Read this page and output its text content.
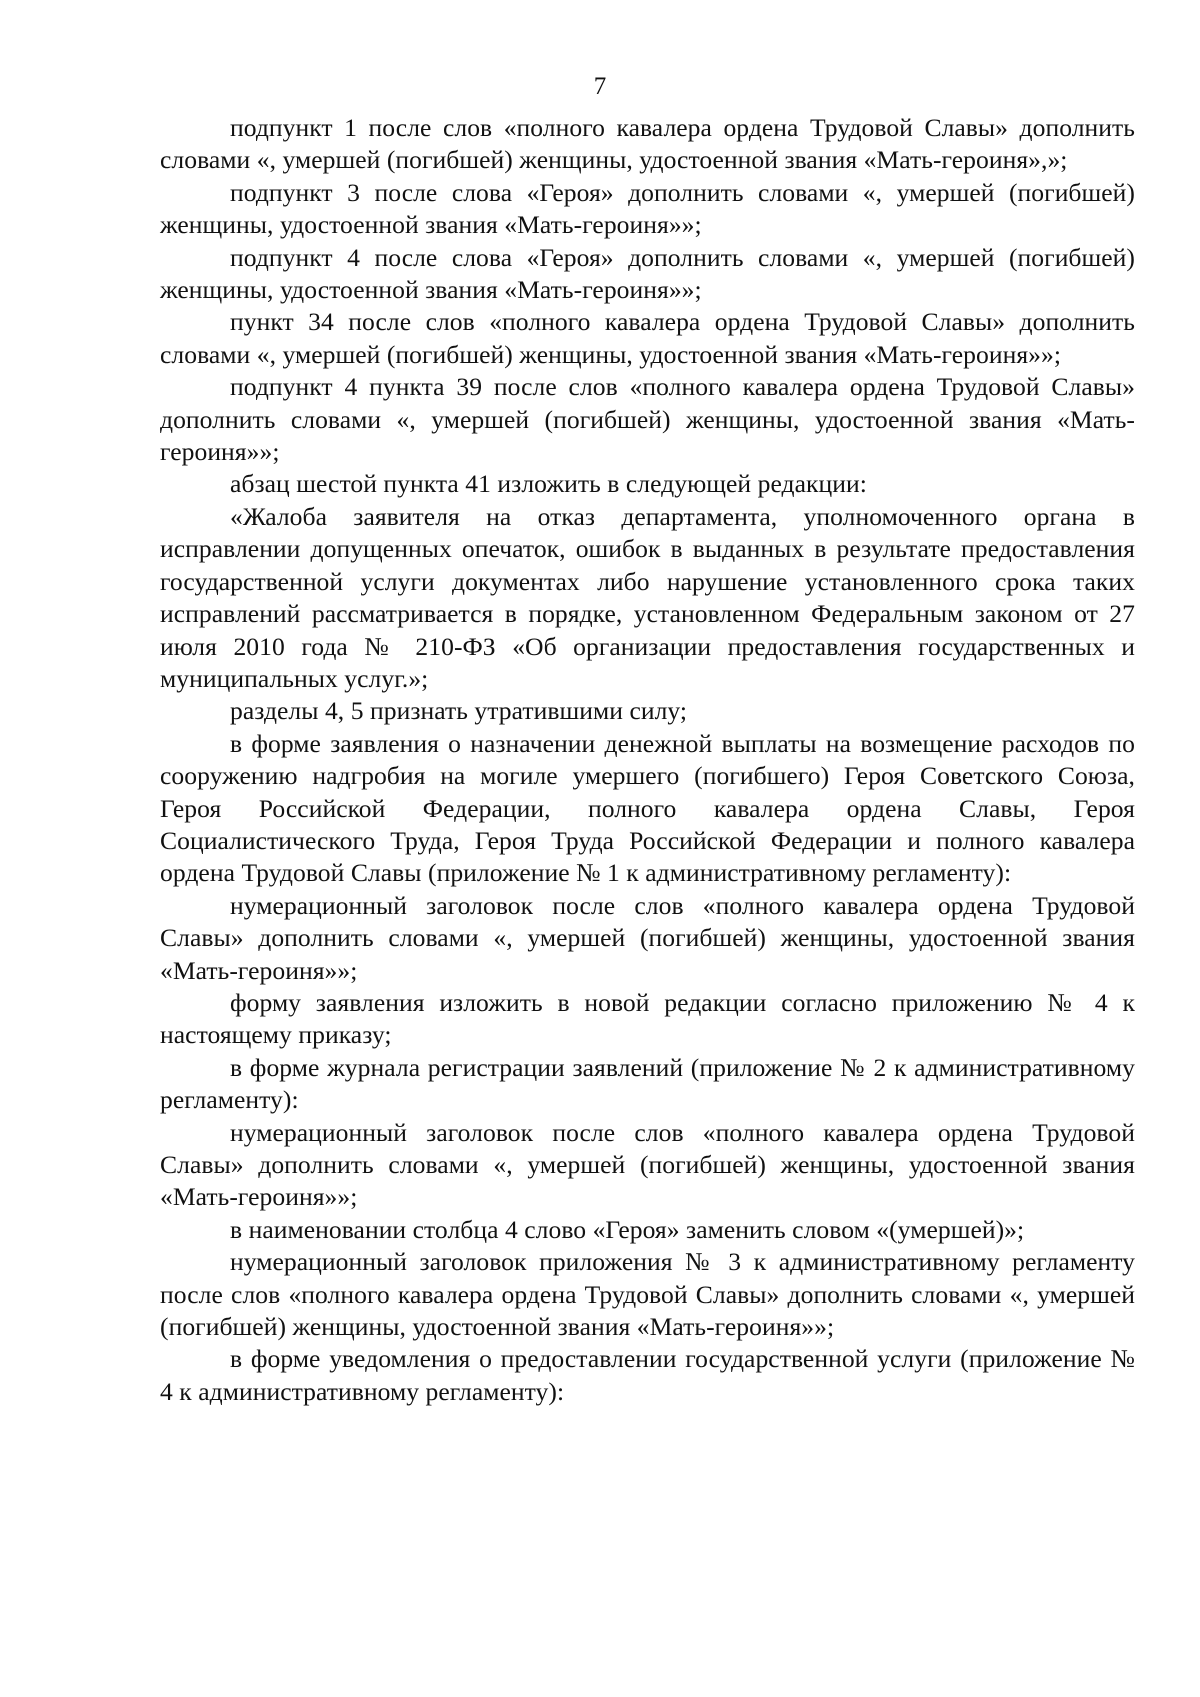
7

подпункт 1 после слов «полного кавалера ордена Трудовой Славы» дополнить словами «, умершей (погибшей) женщины, удостоенной звания «Мать-героиня»,»;

подпункт 3 после слова «Героя» дополнить словами «, умершей (погибшей) женщины, удостоенной звания «Мать-героиня»»;

подпункт 4 после слова «Героя» дополнить словами «, умершей (погибшей) женщины, удостоенной звания «Мать-героиня»»;

пункт 34 после слов «полного кавалера ордена Трудовой Славы» дополнить словами «, умершей (погибшей) женщины, удостоенной звания «Мать-героиня»»;

подпункт 4 пункта 39 после слов «полного кавалера ордена Трудовой Славы» дополнить словами «, умершей (погибшей) женщины, удостоенной звания «Мать-героиня»»;

абзац шестой пункта 41 изложить в следующей редакции:

«Жалоба заявителя на отказ департамента, уполномоченного органа в исправлении допущенных опечаток, ошибок в выданных в результате предоставления государственной услуги документах либо нарушение установленного срока таких исправлений рассматривается в порядке, установленном Федеральным законом от 27 июля 2010 года № 210-ФЗ «Об организации предоставления государственных и муниципальных услуг.»;

разделы 4, 5 признать утратившими силу;

в форме заявления о назначении денежной выплаты на возмещение расходов по сооружению надгробия на могиле умершего (погибшего) Героя Советского Союза, Героя Российской Федерации, полного кавалера ордена Славы, Героя Социалистического Труда, Героя Труда Российской Федерации и полного кавалера ордена Трудовой Славы (приложение № 1 к административному регламенту):

нумерационный заголовок после слов «полного кавалера ордена Трудовой Славы» дополнить словами «, умершей (погибшей) женщины, удостоенной звания «Мать-героиня»»;

форму заявления изложить в новой редакции согласно приложению № 4 к настоящему приказу;

в форме журнала регистрации заявлений (приложение № 2 к административному регламенту):

нумерационный заголовок после слов «полного кавалера ордена Трудовой Славы» дополнить словами «, умершей (погибшей) женщины, удостоенной звания «Мать-героиня»»;

в наименовании столбца 4 слово «Героя» заменить словом «(умершей)»;

нумерационный заголовок приложения № 3 к административному регламенту после слов «полного кавалера ордена Трудовой Славы» дополнить словами «, умершей (погибшей) женщины, удостоенной звания «Мать-героиня»»;

в форме уведомления о предоставлении государственной услуги (приложение № 4 к административному регламенту):
